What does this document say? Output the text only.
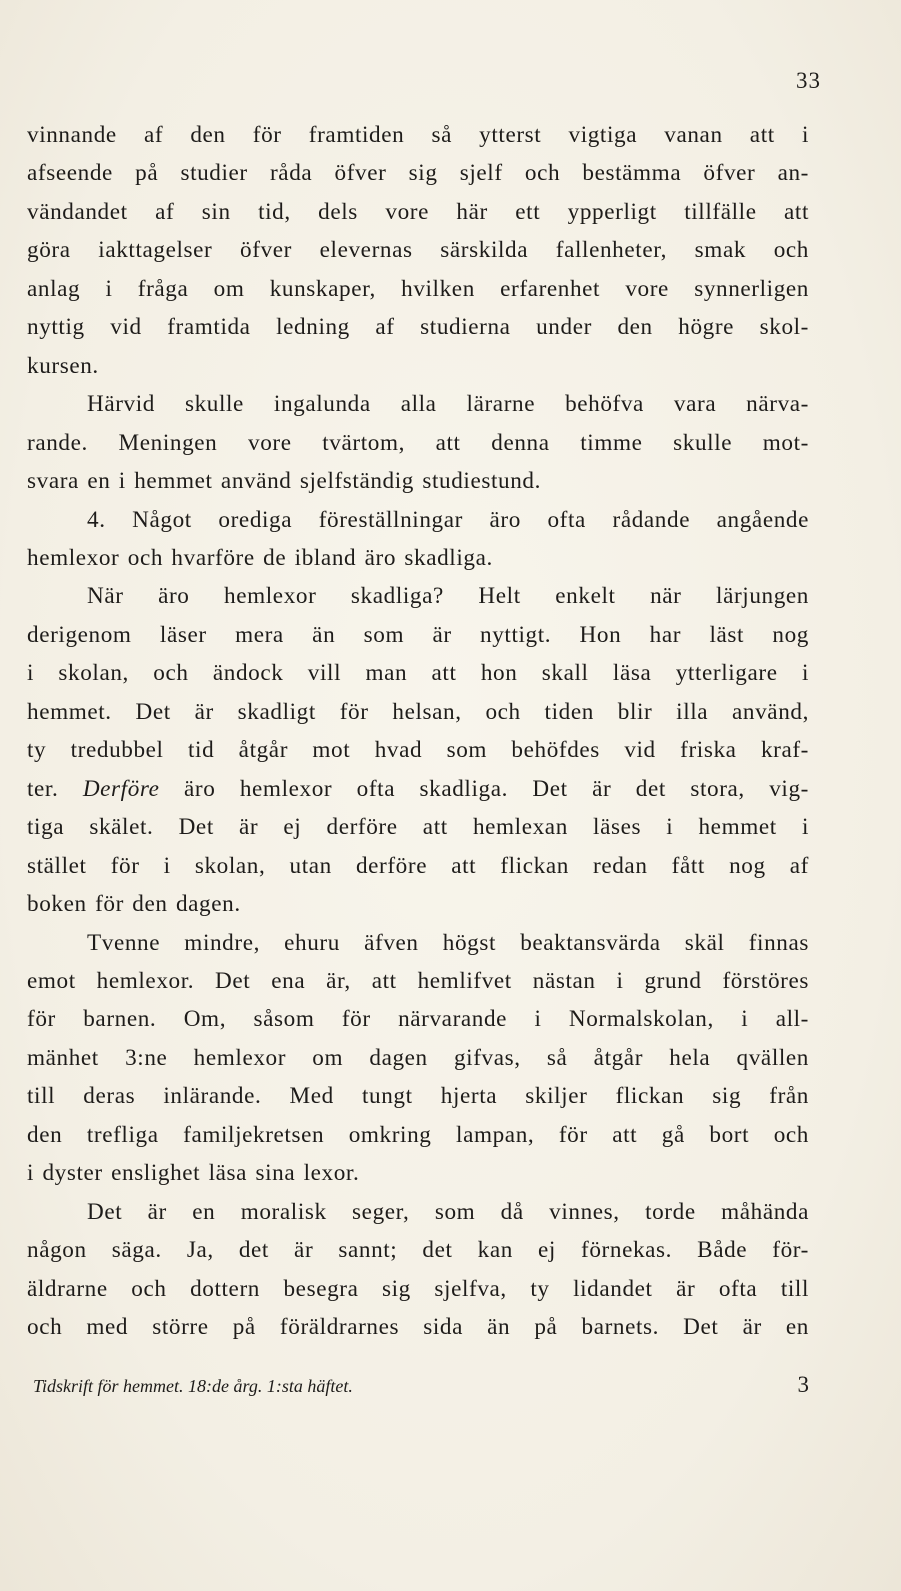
33

vinnande af den för framtiden så ytterst vigtiga vanan att i
afseende på studier råda öfver sig sjelf och bestämma öfver an-
vändandet af sin tid, dels vore här ett ypperligt tillfälle att
göra iakttagelser öfver elevernas särskilda fallenheter, smak och
anlag i fråga om kunskaper, hvilken erfarenhet vore synnerligen
nyttig vid framtida ledning af studierna under den högre skol-
kursen.

Härvid skulle ingalunda alla lärarne behöfva vara närva-
rande. Meningen vore tvärtom, att denna timme skulle mot-
svara en i hemmet använd sjelfständig studiestund.

4. Något orediga föreställningar äro ofta rådande angående
hemlexor och hvarföre de ibland äro skadliga.

När äro hemlexor skadliga? Helt enkelt när lärjungen
derigenom läser mera än som är nyttigt. Hon har läst nog
i skolan, och ändock vill man att hon skall läsa ytterligare i
hemmet. Det är skadligt för helsan, och tiden blir illa använd,
ty tredubbel tid åtgår mot hvad som behöfdes vid friska kraf-
ter. Derföre äro hemlexor ofta skadliga. Det är det stora, vig-
tiga skälet. Det är ej derföre att hemlexan läses i hemmet i
stället för i skolan, utan derföre att flickan redan fått nog af
boken för den dagen.

Tvenne mindre, ehuru äfven högst beaktansvärda skäl finnas
emot hemlexor. Det ena är, att hemlifvet nästan i grund förstöres
för barnen. Om, såsom för närvarande i Normalskolan, i all-
mänhet 3:ne hemlexor om dagen gifvas, så åtgår hela qvällen
till deras inlärande. Med tungt hjerta skiljer flickan sig från
den trefliga familjekretsen omkring lampan, för att gå bort och
i dyster enslighet läsa sina lexor.

Det är en moralisk seger, som då vinnes, torde måhända
någon säga. Ja, det är sannt; det kan ej förnekas. Både för-
äldrarne och dottern besegra sig sjelfva, ty lidandet är ofta till
och med större på föräldrarnes sida än på barnets. Det är en

Tidskrift för hemmet. 18:de årg. 1:sta häftet.	3
